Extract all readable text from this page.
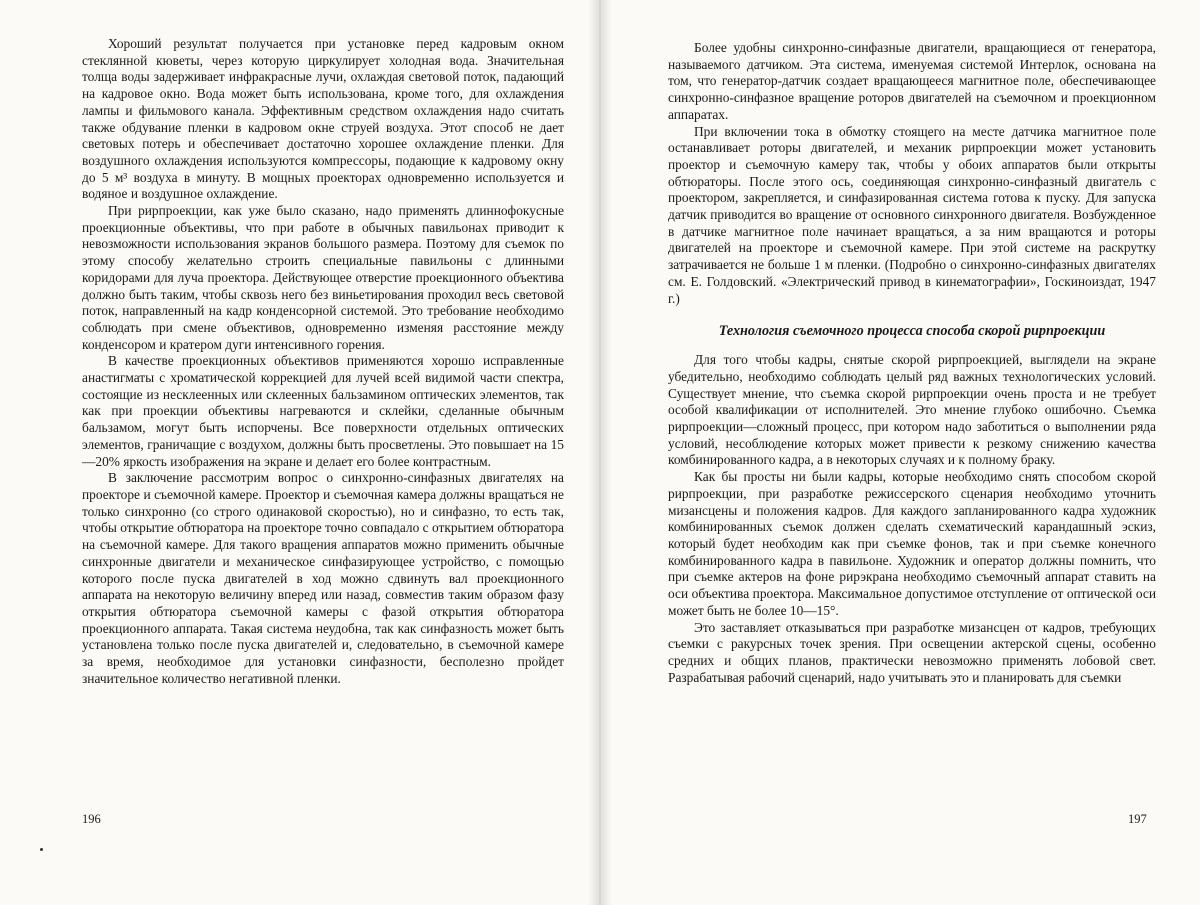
Хороший результат получается при установке перед кадровым окном стеклянной кюветы, через которую циркулирует холодная вода. Значительная толща воды задерживает инфракрасные лучи, охлаждая световой поток, падающий на кадровое окно. Вода может быть использована, кроме того, для охлаждения лампы и фильмового канала. Эффективным средством охлаждения надо считать также обдувание пленки в кадровом окне струей воздуха. Этот способ не дает световых потерь и обеспечивает достаточно хорошее охлаждение пленки. Для воздушного охлаждения используются компрессоры, подающие к кадровому окну до 5 м³ воздуха в минуту. В мощных проекторах одновременно используется и водяное и воздушное охлаждение.

При рирпроекции, как уже было сказано, надо применять длиннофокусные проекционные объективы, что при работе в обычных павильонах приводит к невозможности использования экранов большого размера. Поэтому для съемок по этому способу желательно строить специальные павильоны с длинными коридорами для луча проектора. Действующее отверстие проекционного объектива должно быть таким, чтобы сквозь него без виньетирования проходил весь световой поток, направленный на кадр конденсорной системой. Это требование необходимо соблюдать при смене объективов, одновременно изменяя расстояние между конденсором и кратером дуги интенсивного горения.

В качестве проекционных объективов применяются хорошо исправленные анастигматы с хроматической коррекцией для лучей всей видимой части спектра, состоящие из несклеенных или склеенных бальзамином оптических элементов, так как при проекции объективы нагреваются и склейки, сделанные обычным бальзамом, могут быть испорчены. Все поверхности отдельных оптических элементов, граничащие с воздухом, должны быть просветлены. Это повышает на 15—20% яркость изображения на экране и делает его более контрастным.

В заключение рассмотрим вопрос о синхронно-синфазных двигателях на проекторе и съемочной камере. Проектор и съемочная камера должны вращаться не только синхронно (со строго одинаковой скоростью), но и синфазно, то есть так, чтобы открытие обтюратора на проекторе точно совпадало с открытием обтюратора на съемочной камере. Для такого вращения аппаратов можно применить обычные синхронные двигатели и механическое синфазирующее устройство, с помощью которого после пуска двигателей в ход можно сдвинуть вал проекционного аппарата на некоторую величину вперед или назад, совместив таким образом фазу открытия обтюратора съемочной камеры с фазой открытия обтюратора проекционного аппарата. Такая система неудобна, так как синфазность может быть установлена только после пуска двигателей и, следовательно, в съемочной камере за время, необходимое для установки синфазности, бесполезно пройдет значительное количество негативной пленки.

196

Более удобны синхронно-синфазные двигатели, вращающиеся от генератора, называемого датчиком. Эта система, именуемая системой Интерлок, основана на том, что генератор-датчик создает вращающееся магнитное поле, обеспечивающее синхронно-синфазное вращение роторов двигателей на съемочном и проекционном аппаратах.

При включении тока в обмотку стоящего на месте датчика магнитное поле останавливает роторы двигателей, и механик рирпроекции может установить проектор и съемочную камеру так, чтобы у обоих аппаратов были открыты обтюраторы. После этого ось, соединяющая синхронно-синфазный двигатель с проектором, закрепляется, и синфазированная система готова к пуску. Для запуска датчик приводится во вращение от основного синхронного двигателя. Возбужденное в датчике магнитное поле начинает вращаться, а за ним вращаются и роторы двигателей на проекторе и съемочной камере. При этой системе на раскрутку затрачивается не больше 1 м пленки. (Подробно о синхронно-синфазных двигателях см. Е. Голдовский. «Электрический привод в кинематографии», Госкиноиздат, 1947 г.)

Технология съемочного процесса способа скорой рирпроекции

Для того чтобы кадры, снятые скорой рирпроекцией, выглядели на экране убедительно, необходимо соблюдать целый ряд важных технологических условий. Существует мнение, что съемка скорой рирпроекции очень проста и не требует особой квалификации от исполнителей. Это мнение глубоко ошибочно. Съемка рирпроекции—сложный процесс, при котором надо заботиться о выполнении ряда условий, несоблюдение которых может привести к резкому снижению качества комбинированного кадра, а в некоторых случаях и к полному браку.

Как бы просты ни были кадры, которые необходимо снять способом скорой рирпроекции, при разработке режиссерского сценария необходимо уточнить мизансцены и положения кадров. Для каждого запланированного кадра художник комбинированных съемок должен сделать схематический карандашный эскиз, который будет необходим как при съемке фонов, так и при съемке конечного комбинированного кадра в павильоне. Художник и оператор должны помнить, что при съемке актеров на фоне рирэкрана необходимо съемочный аппарат ставить на оси объектива проектора. Максимальное допустимое отступление от оптической оси может быть не более 10—15°.

Это заставляет отказываться при разработке мизансцен от кадров, требующих съемки с ракурсных точек зрения. При освещении актерской сцены, особенно средних и общих планов, практически невозможно применять лобовой свет. Разрабатывая рабочий сценарий, надо учитывать это и планировать для съемки

197
